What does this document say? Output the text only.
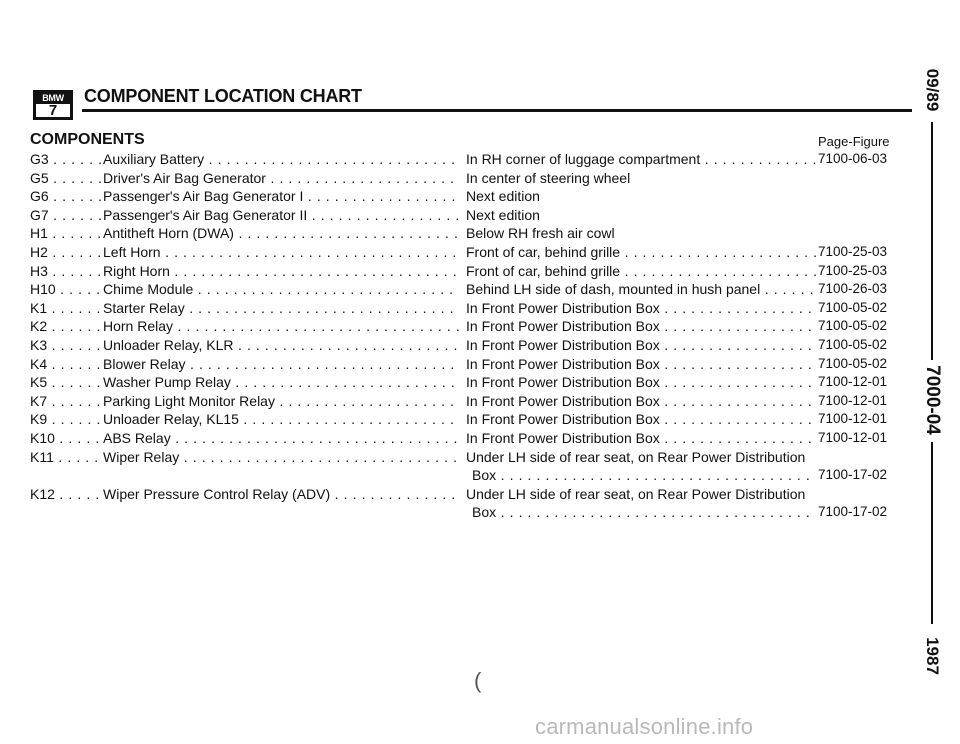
BMW
7
COMPONENT LOCATION CHART
COMPONENTS	Page-Figure
G3 . . .	Auxiliary Battery . . .	In RH corner of luggage compartment . . .	7100-06-03
G5 . . .	Driver's Air Bag Generator . . .	In center of steering wheel
G6 . . .	Passenger's Air Bag Generator I . . .	Next edition
G7 . . .	Passenger's Air Bag Generator II . . .	Next edition
H1 . . .	Antitheft Horn (DWA) . . .	Below RH fresh air cowl
H2 . . .	Left Horn . . .	Front of car, behind grille . . .	7100-25-03
H3 . . .	Right Horn . . .	Front of car, behind grille . . .	7100-25-03
H10 . . .	Chime Module . . .	Behind LH side of dash, mounted in hush panel . . .	7100-26-03
K1 . . .	Starter Relay . . .	In Front Power Distribution Box . . .	7100-05-02
K2 . . .	Horn Relay . . .	In Front Power Distribution Box . . .	7100-05-02
K3 . . .	Unloader Relay, KLR . . .	In Front Power Distribution Box . . .	7100-05-02
K4 . . .	Blower Relay . . .	In Front Power Distribution Box . . .	7100-05-02
K5 . . .	Washer Pump Relay . . .	In Front Power Distribution Box . . .	7100-12-01
K7 . . .	Parking Light Monitor Relay . . .	In Front Power Distribution Box . . .	7100-12-01
K9 . . .	Unloader Relay, KL15 . . .	In Front Power Distribution Box . . .	7100-12-01
K10 . . .	ABS Relay . . .	In Front Power Distribution Box . . .	7100-12-01
K11 . . .	Wiper Relay . . .	Under LH side of rear seat, on Rear Power Distribution
Box . . .	7100-17-02
K12 . . .	Wiper Pressure Control Relay (ADV) . . .	Under LH side of rear seat, on Rear Power Distribution
Box . . .	7100-17-02
09/89
7000-04
1987
(
carmanualsonline.info
